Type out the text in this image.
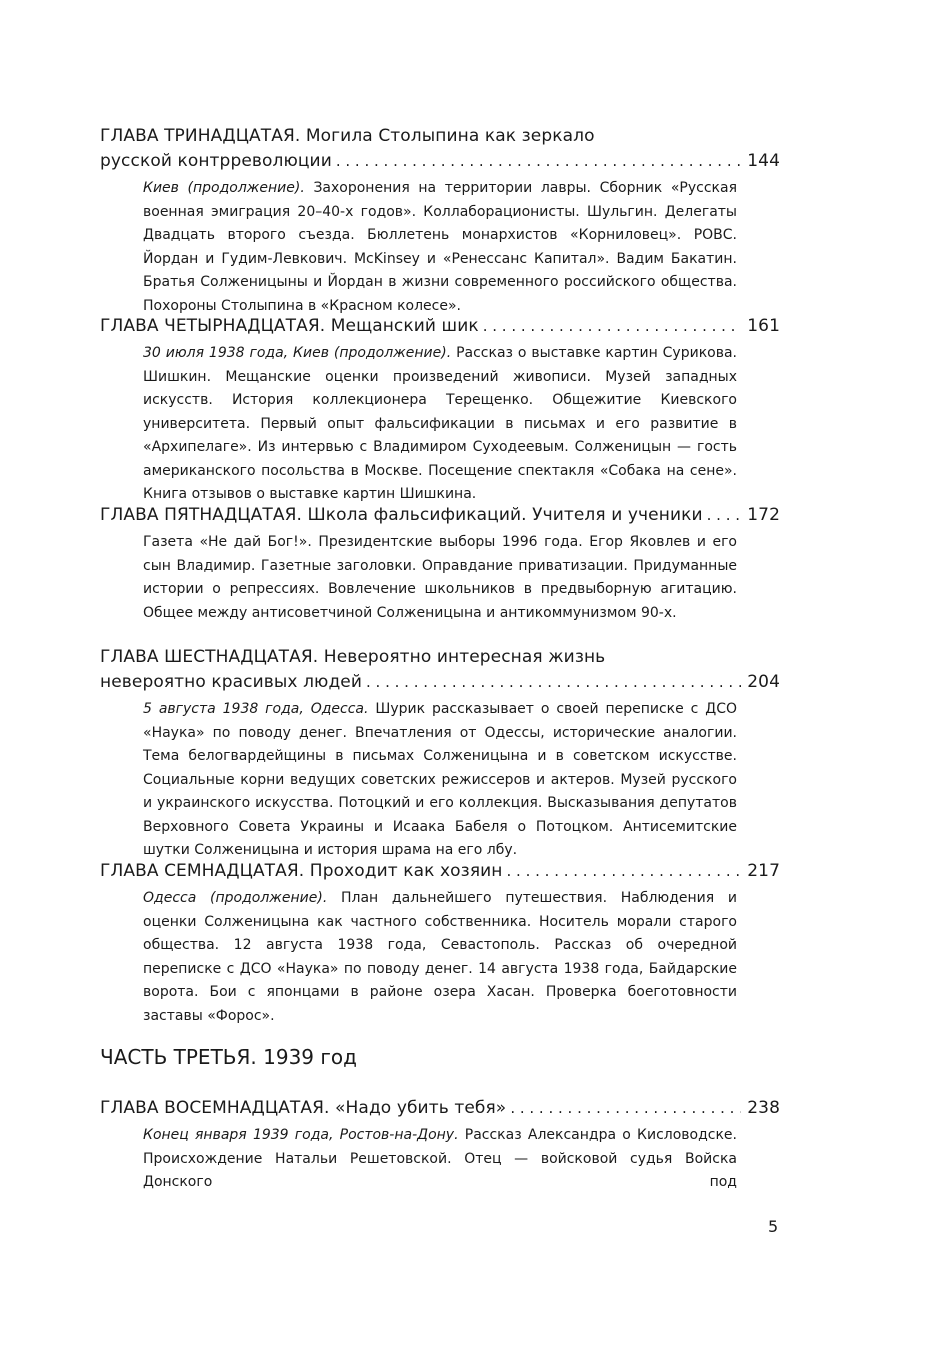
ГЛАВА ТРИНАДЦАТАЯ. Могила Столыпина как зеркало
русской контрреволюции . . .	144
Киев (продолжение). Захоронения на территории лавры. Сборник «Русская военная эмиграция 20–40-х годов». Коллаборационисты. Шульгин. Делегаты Двадцать второго съезда. Бюллетень монархистов «Корниловец». РОВС. Йордан и Гудим-Левкович. McKinsey и «Ренессанс Капитал». Вадим Бакатин. Братья Солженицыны и Йордан в жизни современного российского общества. Похороны Столыпина в «Красном колесе».
ГЛАВА ЧЕТЫРНАДЦАТАЯ. Мещанский шик . . .	161
30 июля 1938 года, Киев (продолжение). Рассказ о выставке картин Сурикова. Шишкин. Мещанские оценки произведений живописи. Музей западных искусств. История коллекционера Терещенко. Общежитие Киевского университета. Первый опыт фальсификации в письмах и его развитие в «Архипелаге». Из интервью с Владимиром Суходеевым. Солженицын — гость американского посольства в Москве. Посещение спектакля «Собака на сене». Книга отзывов о выставке картин Шишкина.
ГЛАВА ПЯТНАДЦАТАЯ. Школа фальсификаций. Учителя и ученики . . .	172
Газета «Не дай Бог!». Президентские выборы 1996 года. Егор Яковлев и его сын Владимир. Газетные заголовки. Оправдание приватизации. Придуманные истории о репрессиях. Вовлечение школьников в предвыборную агитацию. Общее между антисоветчиной Солженицына и антикоммунизмом 90-х.
ГЛАВА ШЕСТНАДЦАТАЯ. Невероятно интересная жизнь
невероятно красивых людей . . .	204
5 августа 1938 года, Одесса. Шурик рассказывает о своей переписке с ДСО «Наука» по поводу денег. Впечатления от Одессы, исторические аналогии. Тема белогвардейщины в письмах Солженицына и в советском искусстве. Социальные корни ведущих советских режиссеров и актеров. Музей русского и украинского искусства. Потоцкий и его коллекция. Высказывания депутатов Верховного Совета Украины и Исаака Бабеля о Потоцком. Антисемитские шутки Солженицына и история шрама на его лбу.
ГЛАВА СЕМНАДЦАТАЯ. Проходит как хозяин . . .	217
Одесса (продолжение). План дальнейшего путешествия. Наблюдения и оценки Солженицына как частного собственника. Носитель морали старого общества. 12 августа 1938 года, Севастополь. Рассказ об очередной переписке с ДСО «Наука» по поводу денег. 14 августа 1938 года, Байдарские ворота. Бои с японцами в районе озера Хасан. Проверка боеготовности заставы «Форос».
ЧАСТЬ ТРЕТЬЯ. 1939 год
ГЛАВА ВОСЕМНАДЦАТАЯ. «Надо убить тебя» . . .	238
Конец января 1939 года, Ростов-на-Дону. Рассказ Александра о Кисловодске. Происхождение Натальи Решетовской. Отец — войсковой судья Войска Донского под
5
